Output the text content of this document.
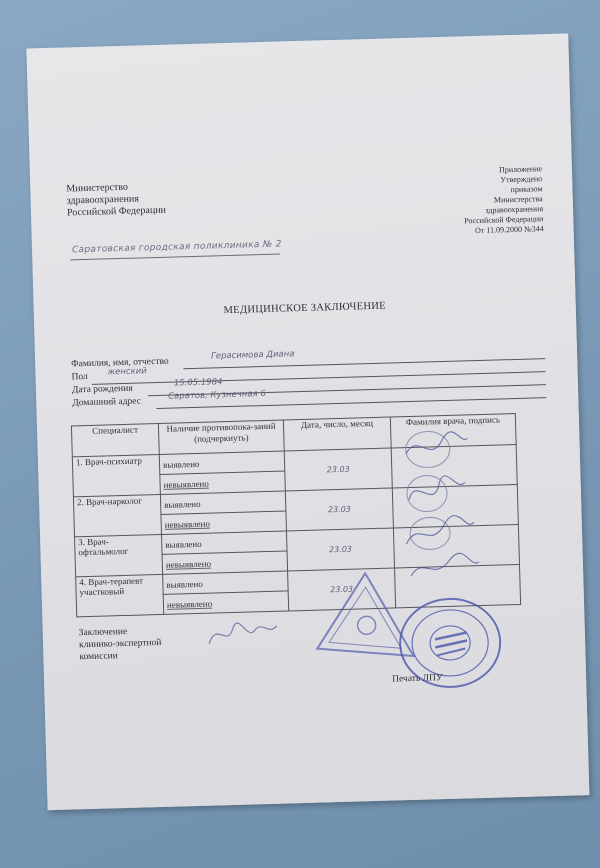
Министерство
здравоохранения
Российской Федерации
Приложение
Утверждено
приказом
Министерства
здравоохранения
Российской Федерации
От 11.09.2000 №344
Саратовская городская поликлиника № 2
МЕДИЦИНСКОЕ ЗАКЛЮЧЕНИЕ
Фамилия, имя, отчество
Герасимова Диана
Пол женский
Дата рождения
15.05.1984
Домашний адрес
Саратов, Кузнечная 6
Специалист	Наличие противопока-заний (подчеркнуть)	Дата, число, месяц	Фамилия врача, подпись
1. Врач-психиатр	выявлено	23.03	
	невыявлено		
2. Врач-нарколог	выявлено	23.03	
	невыявлено		
3. Врач-офтальмолог	выявлено	23.03	
	невыявлено		
4. Врач-терапевт участковый	выявлено	23.03	
	невыявлено		
Заключение
клинико-экспертной
комиссии
Печать ЛПУ
